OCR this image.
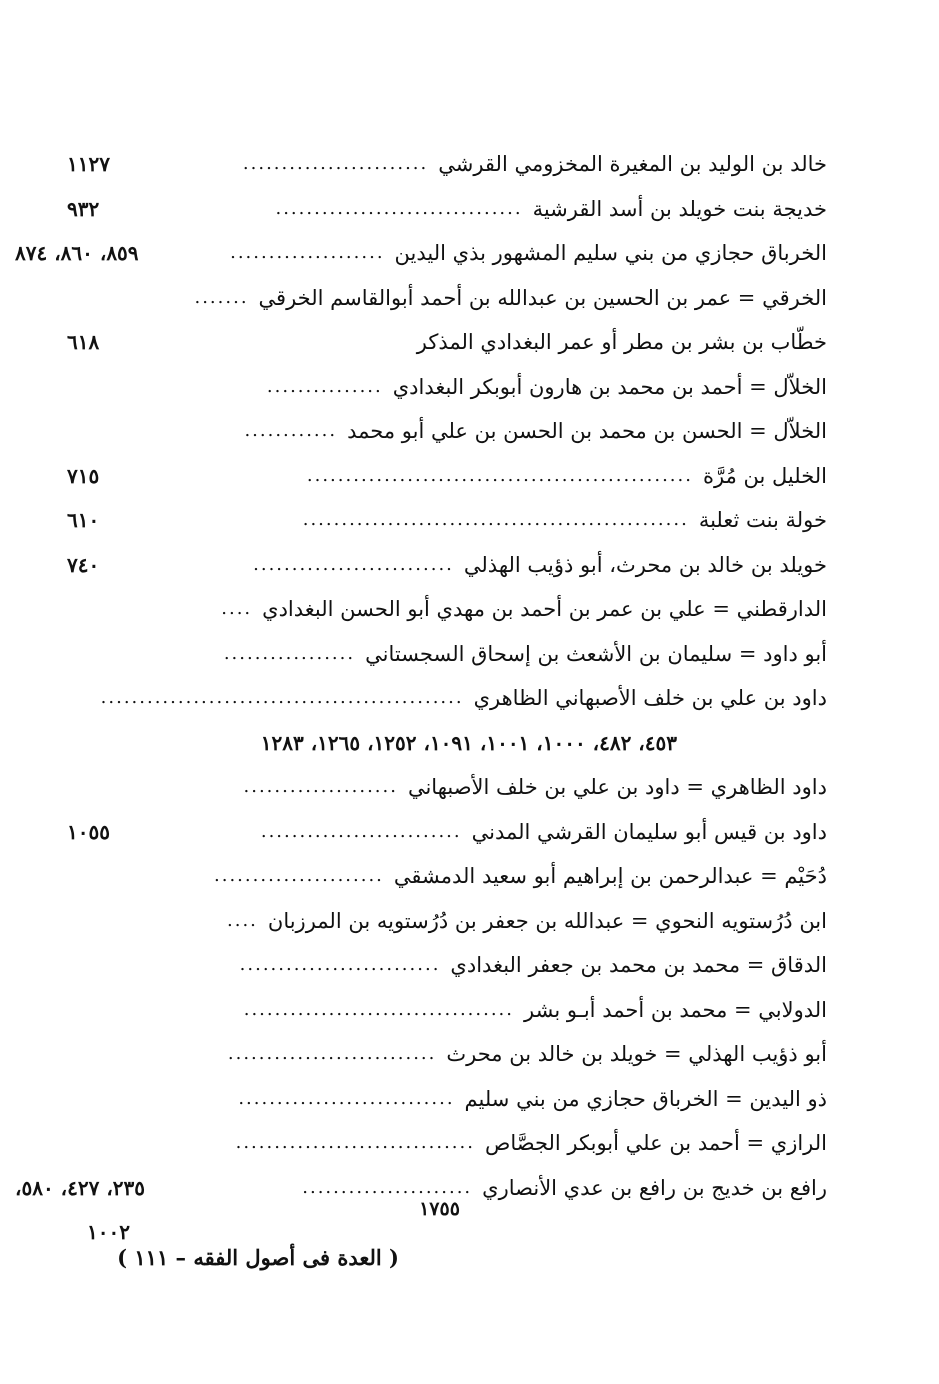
خالد بن الوليد بن المغيرة المخزومي القرشي
........................
١١٢٧
خديجة بنت خويلد بن أسد القرشية
................................
٩٣٢
الخرباق حجازي من بني سليم المشهور بذي اليدين
....................
٨٥٩، ٨٦٠، ٨٧٤
الخرقي = عمر بن الحسين بن عبدالله بن أحمد أبوالقاسم الخرقي
.......
خطّاب بن بشر بن مطر أو عمر البغدادي المذكر
٦١٨
الخلاّل = أحمد بن محمد بن هارون أبوبكر البغدادي
...............
الخلاّل = الحسن بن محمد بن الحسن بن علي أبو محمد
............
الخليل بن مُرَّة
..................................................
٧١٥
خولة بنت ثعلبة
..................................................
٦١٠
خويلد بن خالد بن محرث، أبو ذؤيب الهذلي
..........................
٧٤٠
الدارقطني = علي بن عمر بن أحمد بن مهدي أبو الحسن البغدادي
....
أبو داود = سليمان بن الأشعث بن إسحاق السجستاني
.................
داود بن علي بن خلف الأصبهاني الظاهري
...............................................
٤٥٣، ٤٨٢، ١٠٠٠، ١٠٠١، ١٠٩١، ١٢٥٢، ١٢٦٥، ١٢٨٣
داود الظاهري = داود بن علي بن خلف الأصبهاني
....................
داود بن قيس أبو سليمان القرشي المدني
..........................
١٠٥٥
دُحَيْم = عبدالرحمن بن إبراهيم أبو سعيد الدمشقي
......................
ابن دُرُستويه النحوي = عبدالله بن جعفر بن دُرُستويه بن المرزبان
....
الدقاق = محمد بن محمد بن جعفر البغدادي
..........................
الدولابي = محمد بن أحمد أبـو بشر
...................................
أبو ذؤيب الهذلي = خويلد بن خالد بن محرث
...........................
ذو اليدين = الخرباق حجازي من بني سليم
............................
الرازي = أحمد بن علي أبوبكر الجصَّاص
...............................
رافع بن خديج بن رافع بن عدي الأنصاري
......................
٢٣٥، ٤٢٧، ٥٨٠،
١٠٠٢
١٧٥٥
( العدة فى أصول الفقه – ١١١ )
